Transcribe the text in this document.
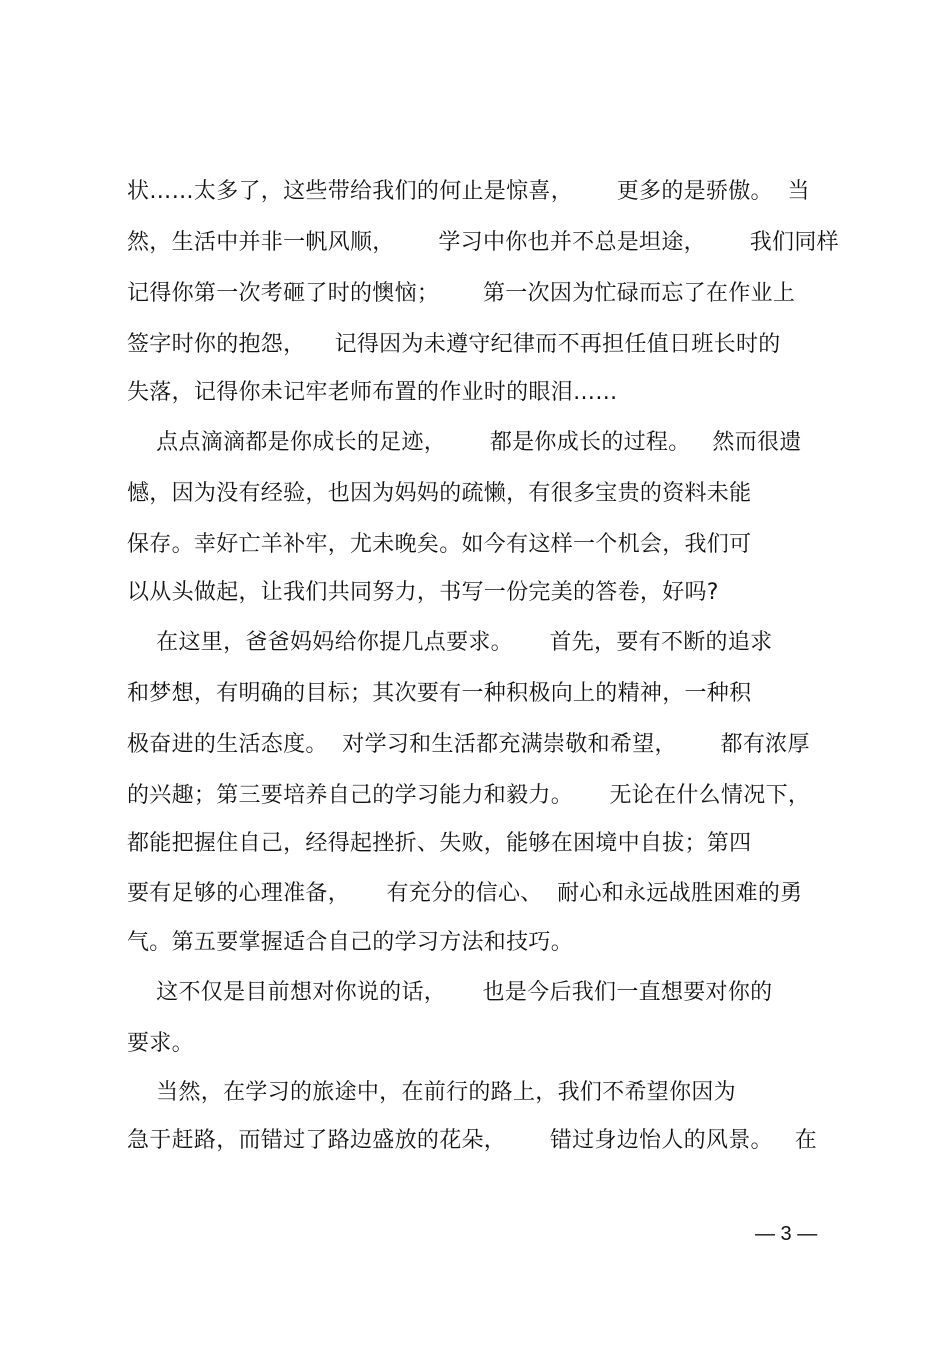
状……太多了，这些带给我们的何止是惊喜，      更多的是骄傲。  当
然，生活中并非一帆风顺，      学习中你也并不总是坦途，      我们同样
记得你第一次考砸了时的懊恼；      第一次因为忙碌而忘了在作业上
签字时你的抱怨，    记得因为未遵守纪律而不再担任值日班长时的
失落，记得你未记牢老师布置的作业时的眼泪……
点点滴滴都是你成长的足迹，      都是你成长的过程。   然而很遗
憾，因为没有经验，也因为妈妈的疏懒，有很多宝贵的资料未能
保存。幸好亡羊补牢，尤未晚矣。如今有这样一个机会，我们可
以从头做起，让我们共同努力，书写一份完美的答卷，好吗?
在这里，爸爸妈妈给你提几点要求。     首先，要有不断的追求
和梦想，有明确的目标；其次要有一种积极向上的精神，一种积
极奋进的生活态度。  对学习和生活都充满崇敬和希望，      都有浓厚
的兴趣；第三要培养自己的学习能力和毅力。     无论在什么情况下，
都能把握住自己，经得起挫折、失败，能够在困境中自拔；第四
要有足够的心理准备，     有充分的信心、  耐心和永远战胜困难的勇
气。第五要掌握适合自己的学习方法和技巧。
这不仅是目前想对你说的话，     也是今后我们一直想要对你的
要求。
当然，在学习的旅途中，在前行的路上，我们不希望你因为
急于赶路，而错过了路边盛放的花朵，      错过身边怡人的风景。   在
— 3 —
